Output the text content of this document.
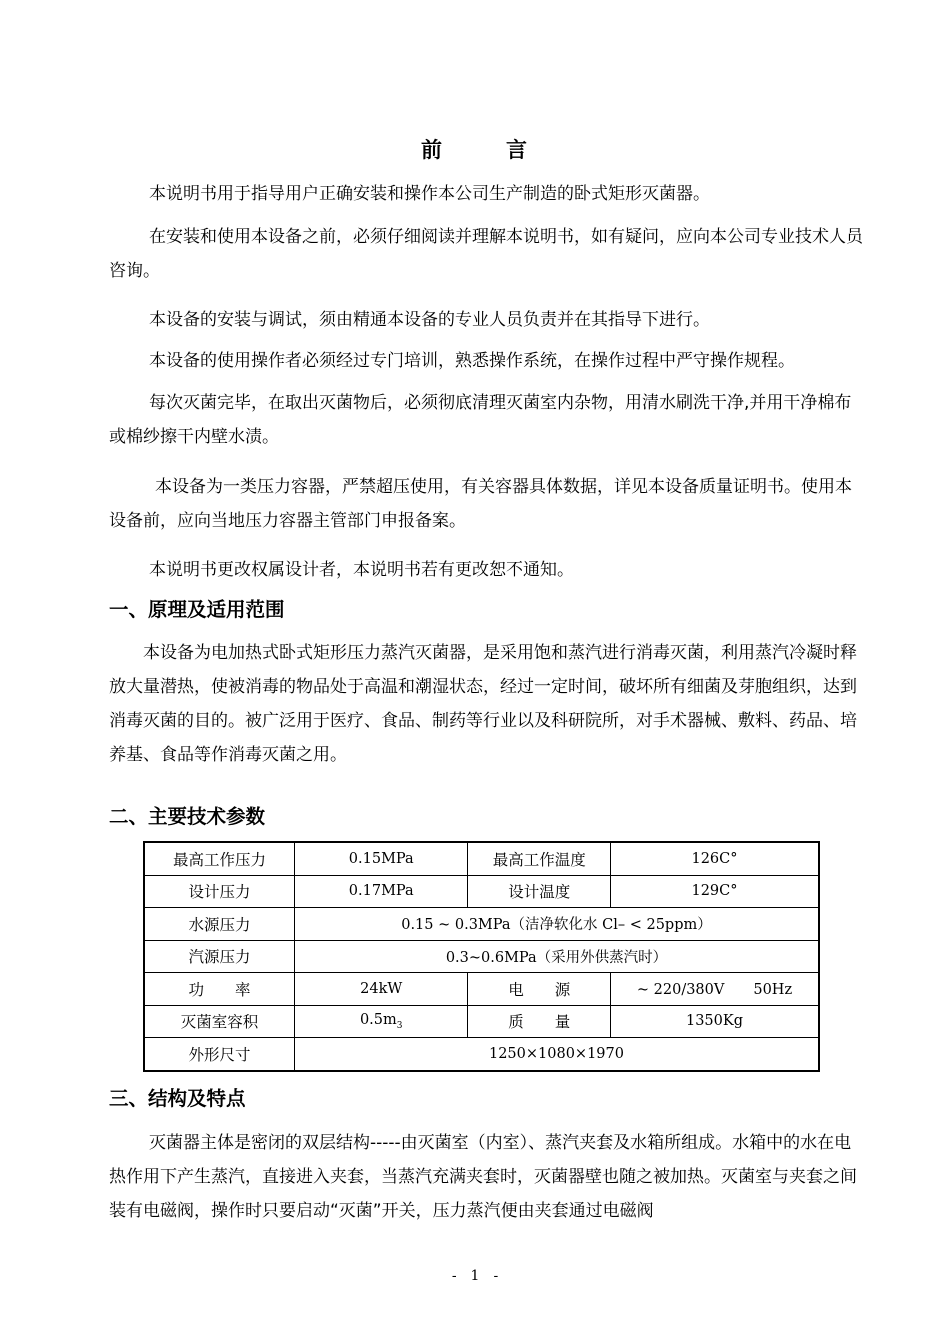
前	言

本说明书用于指导用户正确安装和操作本公司生产制造的卧式矩形灭菌器。

在安装和使用本设备之前，必须仔细阅读并理解本说明书，如有疑问，应向本公司专业技术人员咨询。

本设备的安装与调试，须由精通本设备的专业人员负责并在其指导下进行。

本设备的使用操作者必须经过专门培训，熟悉操作系统，在操作过程中严守操作规程。

每次灭菌完毕，在取出灭菌物后，必须彻底清理灭菌室内杂物，用清水刷洗干净,并用干净棉布或棉纱擦干内壁水渍。

本设备为一类压力容器，严禁超压使用，有关容器具体数据，详见本设备质量证明书。使用本设备前，应向当地压力容器主管部门申报备案。

本说明书更改权属设计者，本说明书若有更改恕不通知。

一、原理及适用范围

本设备为电加热式卧式矩形压力蒸汽灭菌器，是采用饱和蒸汽进行消毒灭菌，利用蒸汽冷凝时释放大量潜热，使被消毒的物品处于高温和潮湿状态，经过一定时间，破坏所有细菌及芽胞组织，达到消毒灭菌的目的。被广泛用于医疗、食品、制药等行业以及科研院所，对手术器械、敷料、药品、培养基、食品等作消毒灭菌之用。

二、主要技术参数
最高工作压力	0.15MPa	最高工作温度	126C°
设计压力	0.17MPa	设计温度	129C°
水源压力	0.15 ~ 0.3MPa（洁净软化水 Cl– < 25ppm）		
汽源压力	0.3~0.6MPa（采用外供蒸汽时）		
功　　率	24kW	电　　源	~ 220/380V　　50Hz
灭菌室容积	$0.5m_3$	质　　量	1350Kg
外形尺寸	1250×1080×1970		
三、结构及特点

灭菌器主体是密闭的双层结构-----由灭菌室（内室）、蒸汽夹套及水箱所组成。水箱中的水在电热作用下产生蒸汽，直接进入夹套，当蒸汽充满夹套时，灭菌器壁也随之被加热。灭菌室与夹套之间装有电磁阀，操作时只要启动“灭菌”开关，压力蒸汽便由夹套通过电磁阀

-　1　-
